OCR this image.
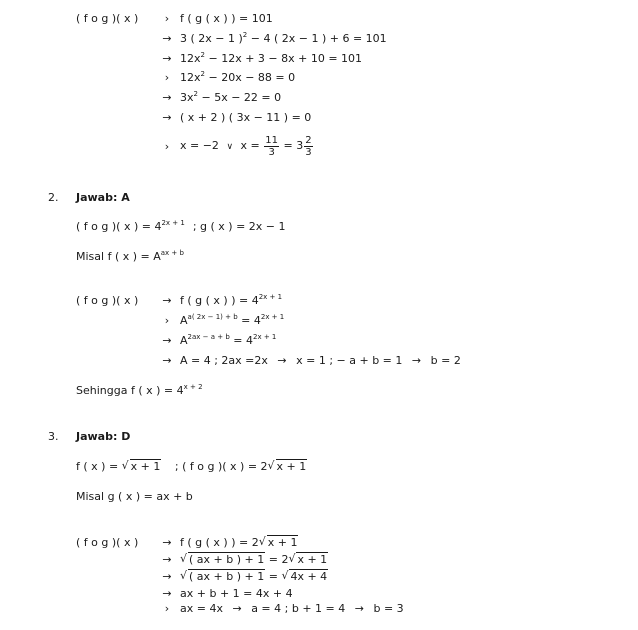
( f o g )( x )	› f ( g ( x ) ) = 101
→ 3 ( 2x − 1 )$^2$ − 4 ( 2x − 1 ) + 6 = 101
→ $12x^2 - 12x + 3 - 8x + 10 = 101$
› $12x^2 - 20x - 88 = 0$
→ $3x^2 - 5x - 22 = 0$
→ ( x + 2 ) ( 3x − 11 ) = 0
› x = −2 ∨ $x = \frac{11}{3} = 3 \frac{2}{3}$
2. Jawab: A
( f o g )( x ) = $4^{2x + 1}$ ; g ( x ) = 2x − 1
Misal f ( x ) = $A^{ax + b}$
( f o g )( x ) → f ( g ( x ) ) = $4^{2x + 1}$
› $A^{a( 2x - 1) + b} = 4^{2x + 1}$
→ $A^{2ax - a + b} = 4^{2x + 1}$
→ A = 4 ; 2ax =2x → x = 1 ; − a + b = 1 → b = 2
Sehingga f ( x ) = $4^{x + 2}$
3. Jawab: D
f ( x ) = √ x + 1 ; ( f o g )( x ) = 2 √ x + 1
Misal g ( x ) = ax + b
( f o g )( x ) → f ( g ( x ) ) = 2 √ x + 1
→	√ ( ax + b ) + 1 = 2 √ x + 1
→	√ ( ax + b ) + 1 = √ 4x + 4
→ ax + b + 1 = 4x + 4
› ax = 4x → a = 4 ; b + 1 = 4 → b = 3
